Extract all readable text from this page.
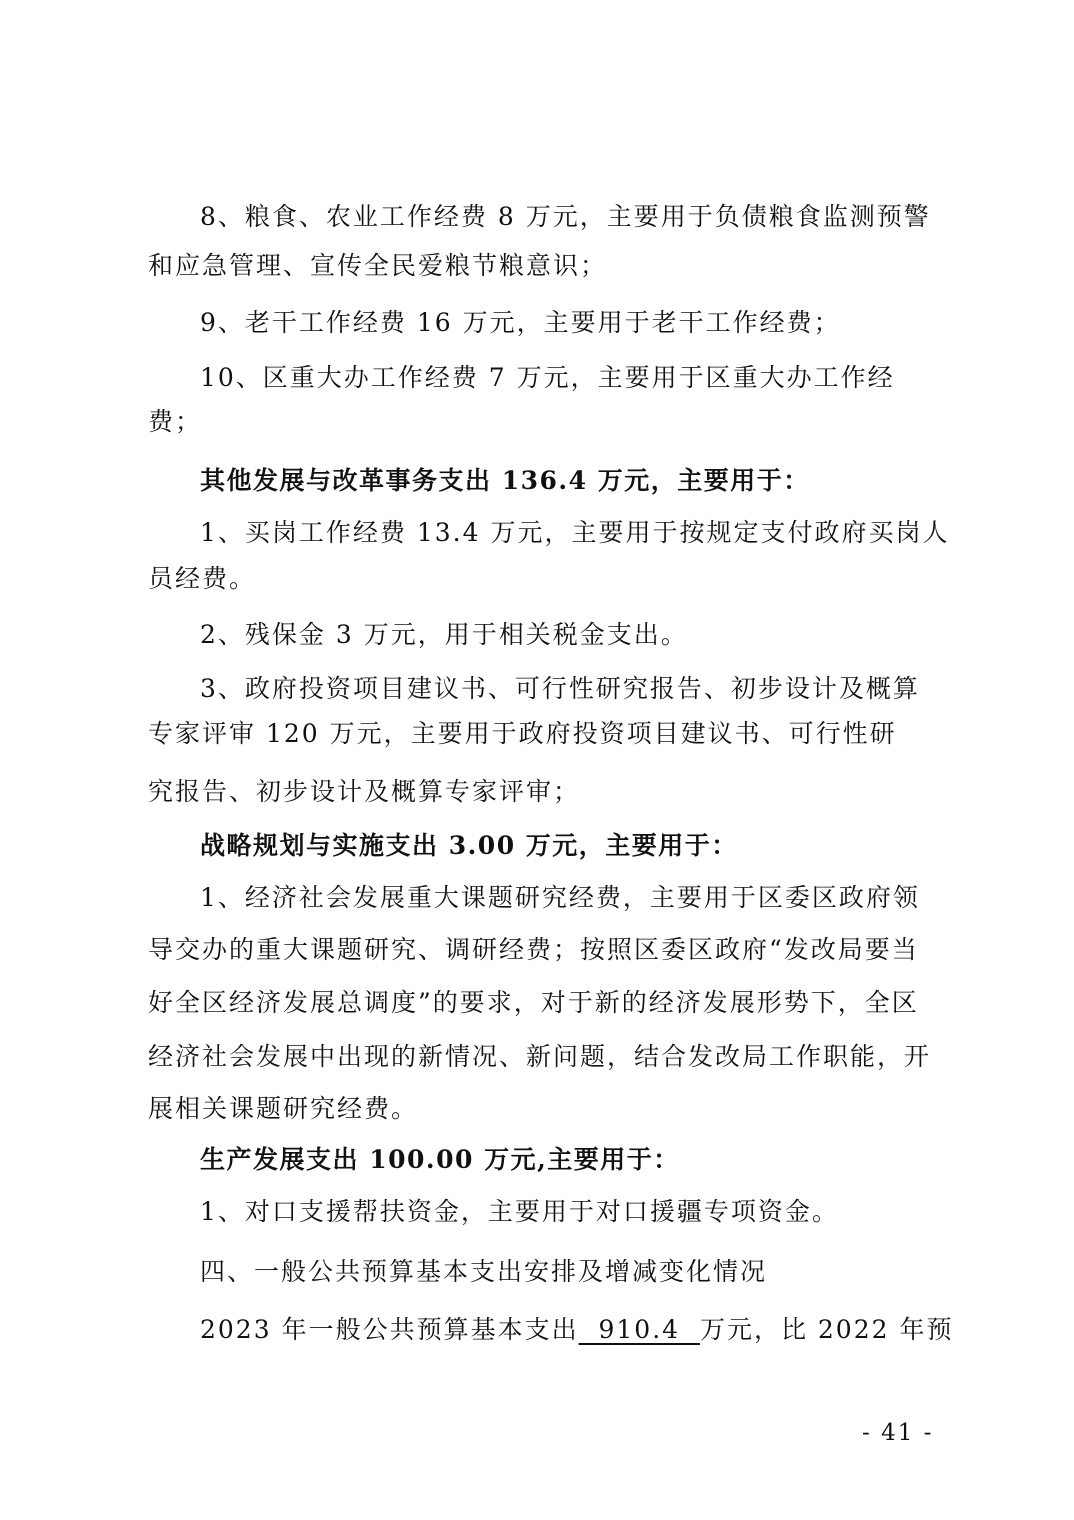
8、粮食、农业工作经费 8 万元，主要用于负债粮食监测预警
和应急管理、宣传全民爱粮节粮意识；
9、老干工作经费 16 万元，主要用于老干工作经费；
10、区重大办工作经费 7 万元，主要用于区重大办工作经
费；
其他发展与改革事务支出 136.4 万元，主要用于：
1、买岗工作经费 13.4 万元，主要用于按规定支付政府买岗人
员经费。
2、残保金 3 万元，用于相关税金支出。
3、政府投资项目建议书、可行性研究报告、初步设计及概算
专家评审 120 万元，主要用于政府投资项目建议书、可行性研
究报告、初步设计及概算专家评审；
战略规划与实施支出 3.00 万元，主要用于：
1、经济社会发展重大课题研究经费，主要用于区委区政府领
导交办的重大课题研究、调研经费；按照区委区政府“发改局要当
好全区经济发展总调度”的要求，对于新的经济发展形势下，全区
经济社会发展中出现的新情况、新问题，结合发改局工作职能，开
展相关课题研究经费。
生产发展支出 100.00 万元,主要用于：
1、对口支援帮扶资金，主要用于对口援疆专项资金。
四、一般公共预算基本支出安排及增减变化情况
2023 年一般公共预算基本支出  910.4  万元，比 2022 年预
- 41 -
